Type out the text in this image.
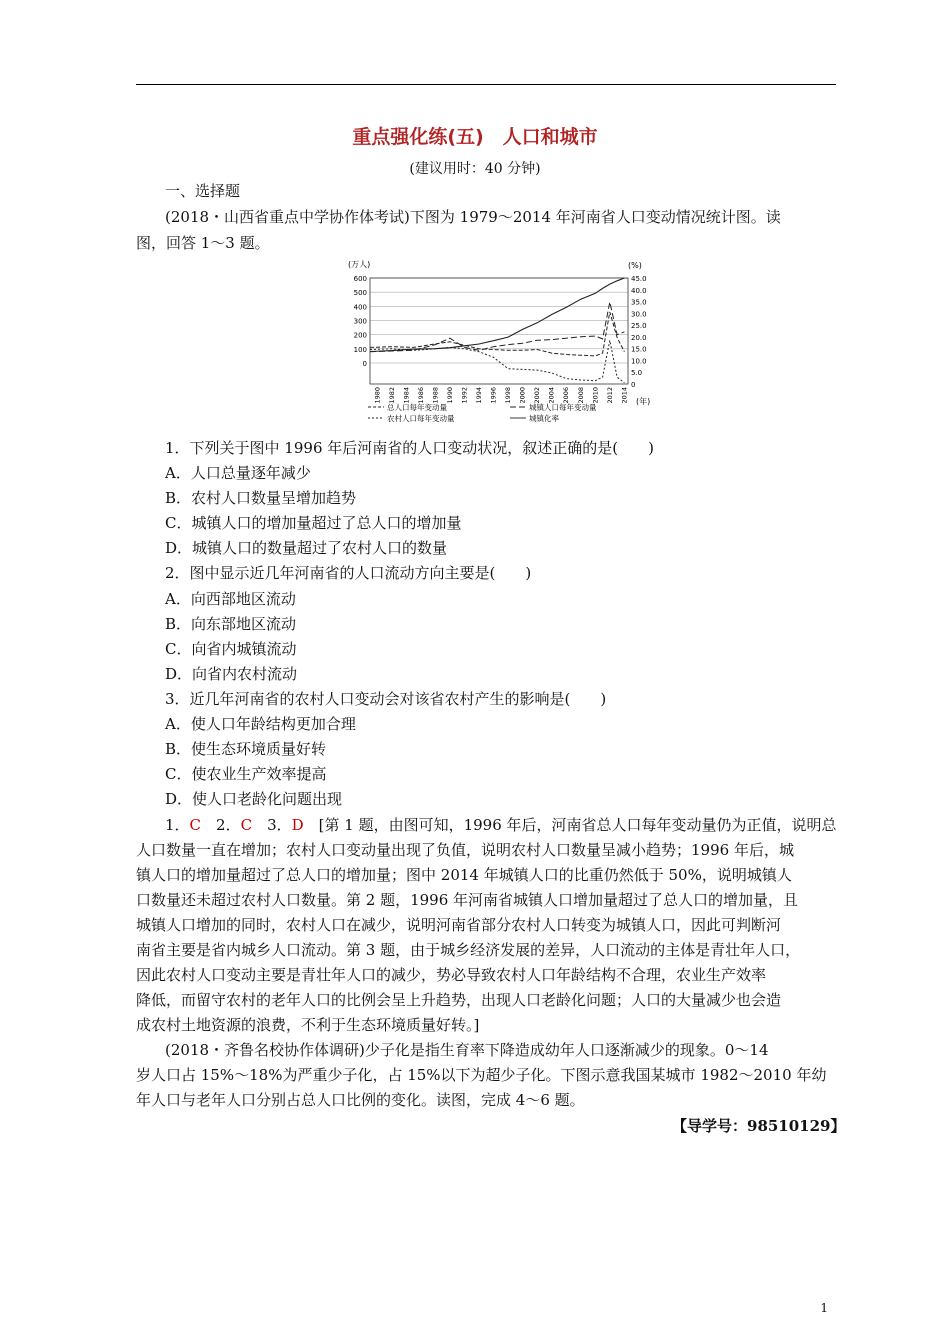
重点强化练(五)　人口和城市
(建议用时：40 分钟)
一、选择题
(2018・山西省重点中学协作体考试)下图为 1979～2014 年河南省人口变动情况统计图。读
图，回答 1～3 题。
(万人)	(%)
(年)
600
500
400
300
200
100
0
45.0
40.0
35.0
30.0
25.0
20.0
15.0
10.0
5.0
0
1980 1982 1984 1986 1988 1990 1992 1994 1996 1998 2000 2002 2004 2006 2008 2010 2012 2014
总人口每年变动量	城镇人口每年变动量
农村人口每年变动量	城镇化率
1．下列关于图中 1996 年后河南省的人口变动状况，叙述正确的是(　　)
A．人口总量逐年减少
B．农村人口数量呈增加趋势
C．城镇人口的增加量超过了总人口的增加量
D．城镇人口的数量超过了农村人口的数量
2．图中显示近几年河南省的人口流动方向主要是(　　)
A．向西部地区流动
B．向东部地区流动
C．向省内城镇流动
D．向省内农村流动
3．近几年河南省的农村人口变动会对该省农村产生的影响是(　　)
A．使人口年龄结构更加合理
B．使生态环境质量好转
C．使农业生产效率提高
D．使人口老龄化问题出现
1．C　2．C　3．D　[第 1 题，由图可知，1996 年后，河南省总人口每年变动量仍为正值，说明总
人口数量一直在增加；农村人口变动量出现了负值，说明农村人口数量呈减小趋势；1996 年后，城
镇人口的增加量超过了总人口的增加量；图中 2014 年城镇人口的比重仍然低于 50%，说明城镇人
口数量还未超过农村人口数量。第 2 题，1996 年河南省城镇人口增加量超过了总人口的增加量，且
城镇人口增加的同时，农村人口在减少，说明河南省部分农村人口转变为城镇人口，因此可判断河
南省主要是省内城乡人口流动。第 3 题，由于城乡经济发展的差异，人口流动的主体是青壮年人口，
因此农村人口变动主要是青壮年人口的减少，势必导致农村人口年龄结构不合理，农业生产效率
降低，而留守农村的老年人口的比例会呈上升趋势，出现人口老龄化问题；人口的大量减少也会造
成农村土地资源的浪费，不利于生态环境质量好转。]
(2018・齐鲁名校协作体调研)少子化是指生育率下降造成幼年人口逐渐减少的现象。0～14
岁人口占 15%～18%为严重少子化，占 15%以下为超少子化。下图示意我国某城市 1982～2010 年幼
年人口与老年人口分别占总人口比例的变化。读图，完成 4～6 题。
【导学号：98510129】
1
